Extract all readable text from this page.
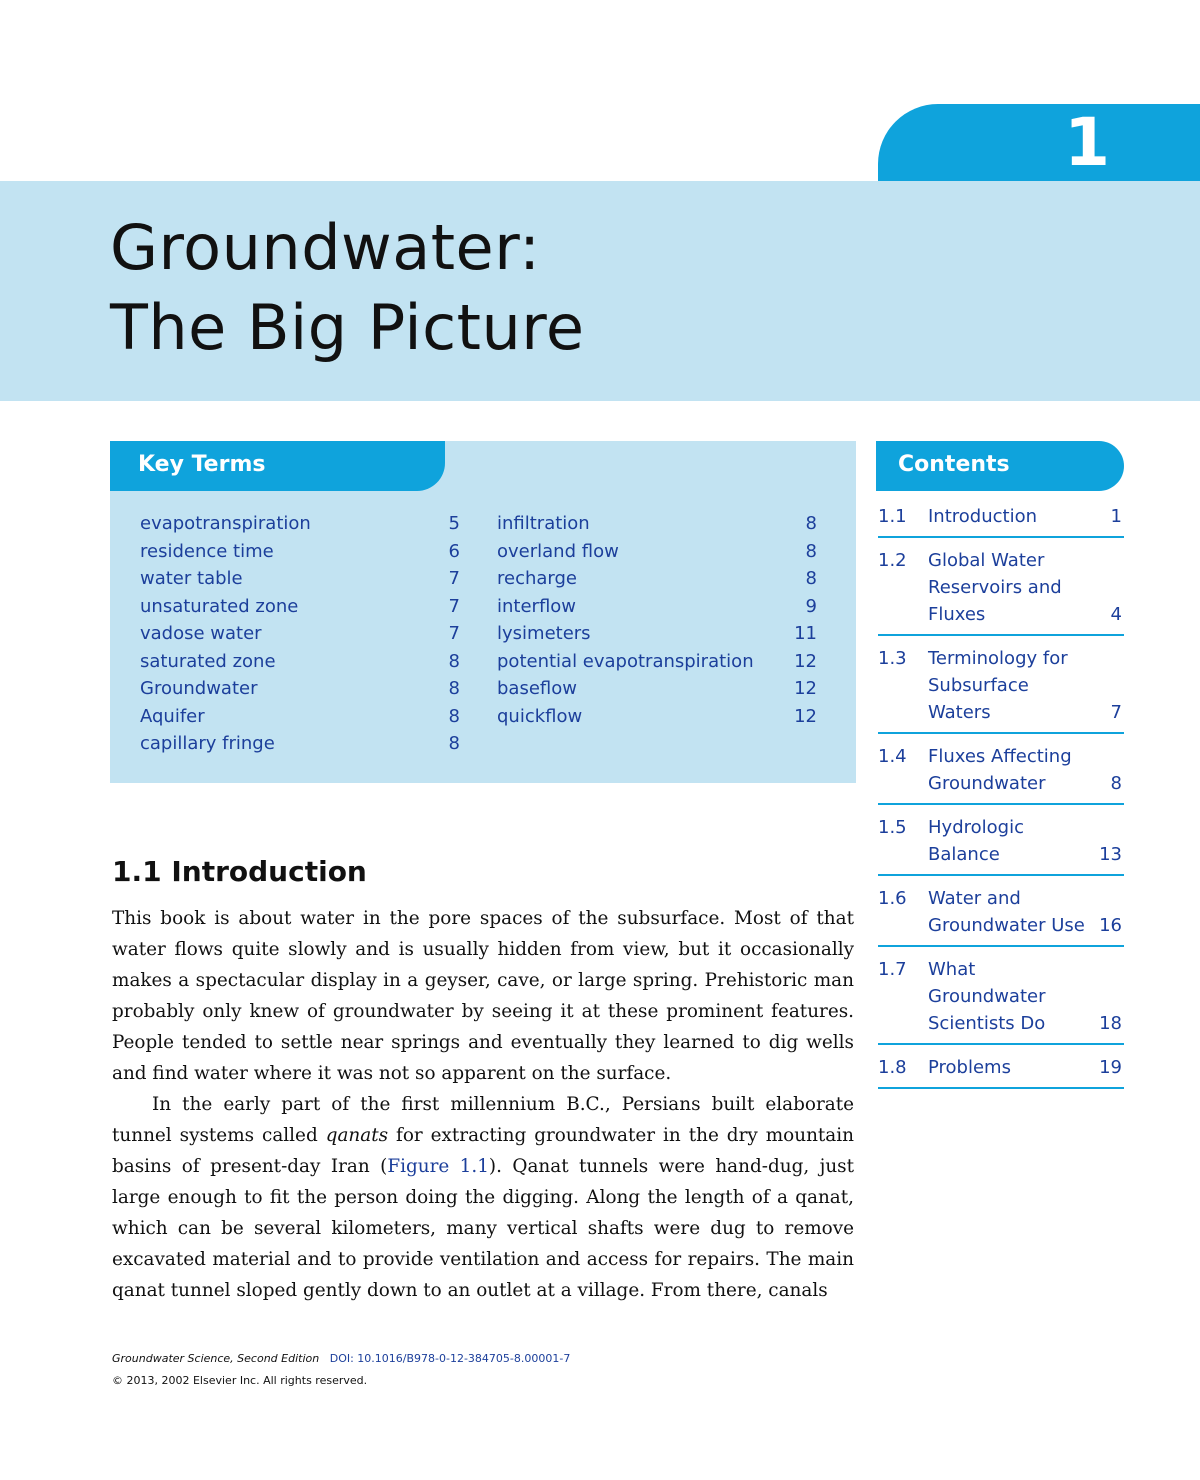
1
Groundwater:
The Big Picture
Key Terms
evapotranspiration	5
residence time	6
water table	7
unsaturated zone	7
vadose water	7
saturated zone	8
Groundwater	8
Aquifer	8
capillary fringe	8
infiltration	8
overland flow	8
recharge	8
interflow	9
lysimeters	11
potential evapotranspiration 12
baseflow	12
quickflow	12
Contents
1.1 Introduction	1
1.2 Global Water Reservoirs and Fluxes	4
1.3 Terminology for Subsurface Waters	7
1.4 Fluxes Affecting Groundwater	8
1.5 Hydrologic Balance	13
1.6 Water and Groundwater Use 16
1.7 What Groundwater Scientists Do	18
1.8 Problems	19
1.1 Introduction

This book is about water in the pore spaces of the subsurface. Most of that water flows quite slowly and is usually hidden from view, but it occasionally makes a spectacular display in a geyser, cave, or large spring. Prehistoric man probably only knew of groundwater by seeing it at these prominent features. People tended to settle near springs and eventually they learned to dig wells and find water where it was not so apparent on the surface.

In the early part of the first millennium B.C., Persians built elaborate tunnel systems called qanats for extracting groundwater in the dry mountain basins of present-day Iran (Figure 1.1). Qanat tunnels were hand-dug, just large enough to fit the person doing the digging. Along the length of a qanat, which can be several kilometers, many vertical shafts were dug to remove excavated material and to provide ventilation and access for repairs. The main qanat tunnel sloped gently down to an outlet at a village. From there, canals

Groundwater Science, Second Edition DOI: 10.1016/B978-0-12-384705-8.00001-7
© 2013, 2002 Elsevier Inc. All rights reserved.
